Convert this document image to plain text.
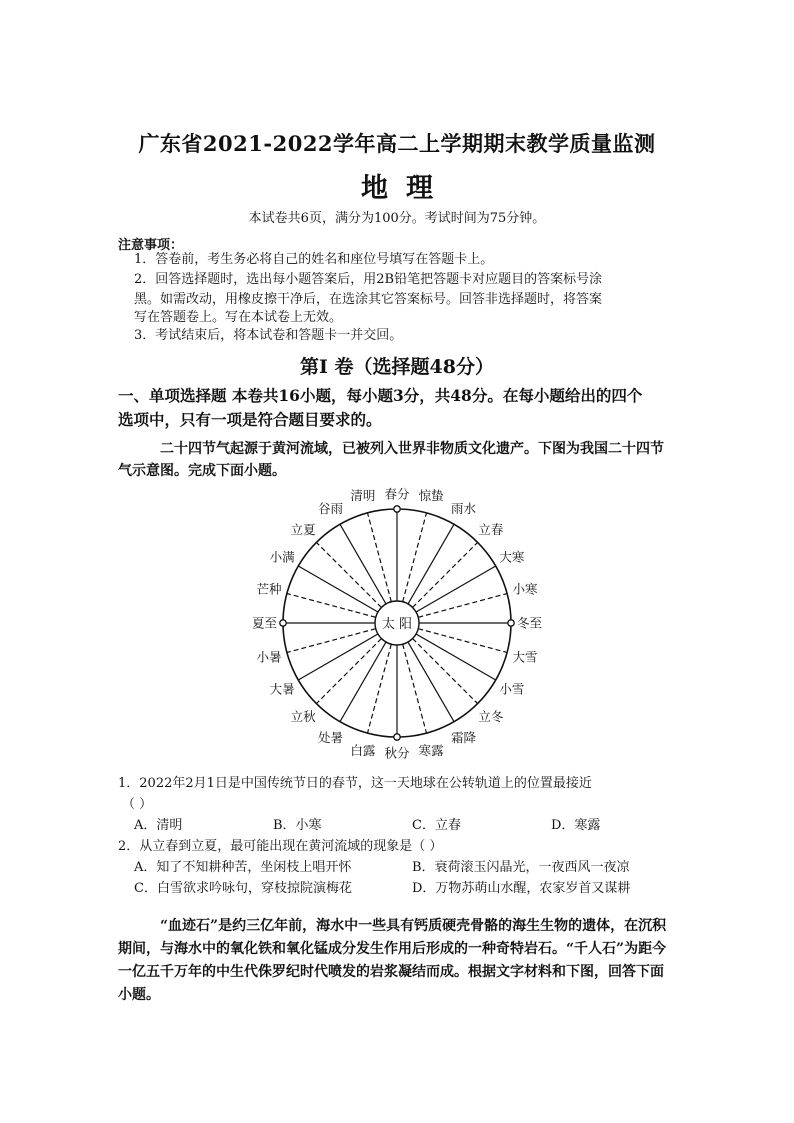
广东省2021-2022学年高二上学期期末教学质量监测
地理
本试卷共6页，满分为100分。考试时间为75分钟。
注意事项：
1．答卷前，考生务必将自己的姓名和座位号填写在答题卡上。
2．回答选择题时，选出每小题答案后，用2B铅笔把答题卡对应题目的答案标号涂
黑。如需改动，用橡皮擦干净后，在选涂其它答案标号。回答非选择题时，将答案
写在答题卷上。写在本试卷上无效。
3．考试结束后，将本试卷和答题卡一并交回。
第Ⅰ 卷（选择题48分）
一、单项选择题 本卷共16小题，每小题3分，共48分。在每小题给出的四个
选项中，只有一项是符合题目要求的。
二十四节气起源于黄河流域，已被列入世界非物质文化遗产。下图为我国二十四节
气示意图。完成下面小题。
太 阳
春分 惊蛰
雨水
立春
大寒
小寒
冬至
大雪
小雪
立冬
霜降
寒露
秋分
白露
处暑
立秋
大暑
小暑
夏至
芒种
小满
立夏
谷雨
清明
1．2022年2月1日是中国传统节日的春节，这一天地球在公转轨道上的位置最接近
（ ）
A．清明	B．小寒	C．立春	D．寒露
2．从立春到立夏，最可能出现在黄河流域的现象是（ ）
A．知了不知耕种苦，坐闲枝上唱开怀	B．衰荷滚玉闪晶光，一夜西风一夜凉
C．白雪欲求吟咏句，穿枝掠院演梅花	D．万物苏萌山水醒，农家岁首又谋耕
“血迹石”是约三亿年前，海水中一些具有钙质硬壳骨骼的海生生物的遗体，在沉积
期间，与海水中的氧化铁和氧化锰成分发生作用后形成的一种奇特岩石。“千人石”为距今
一亿五千万年的中生代侏罗纪时代喷发的岩浆凝结而成。根据文字材料和下图，回答下面
小题。
